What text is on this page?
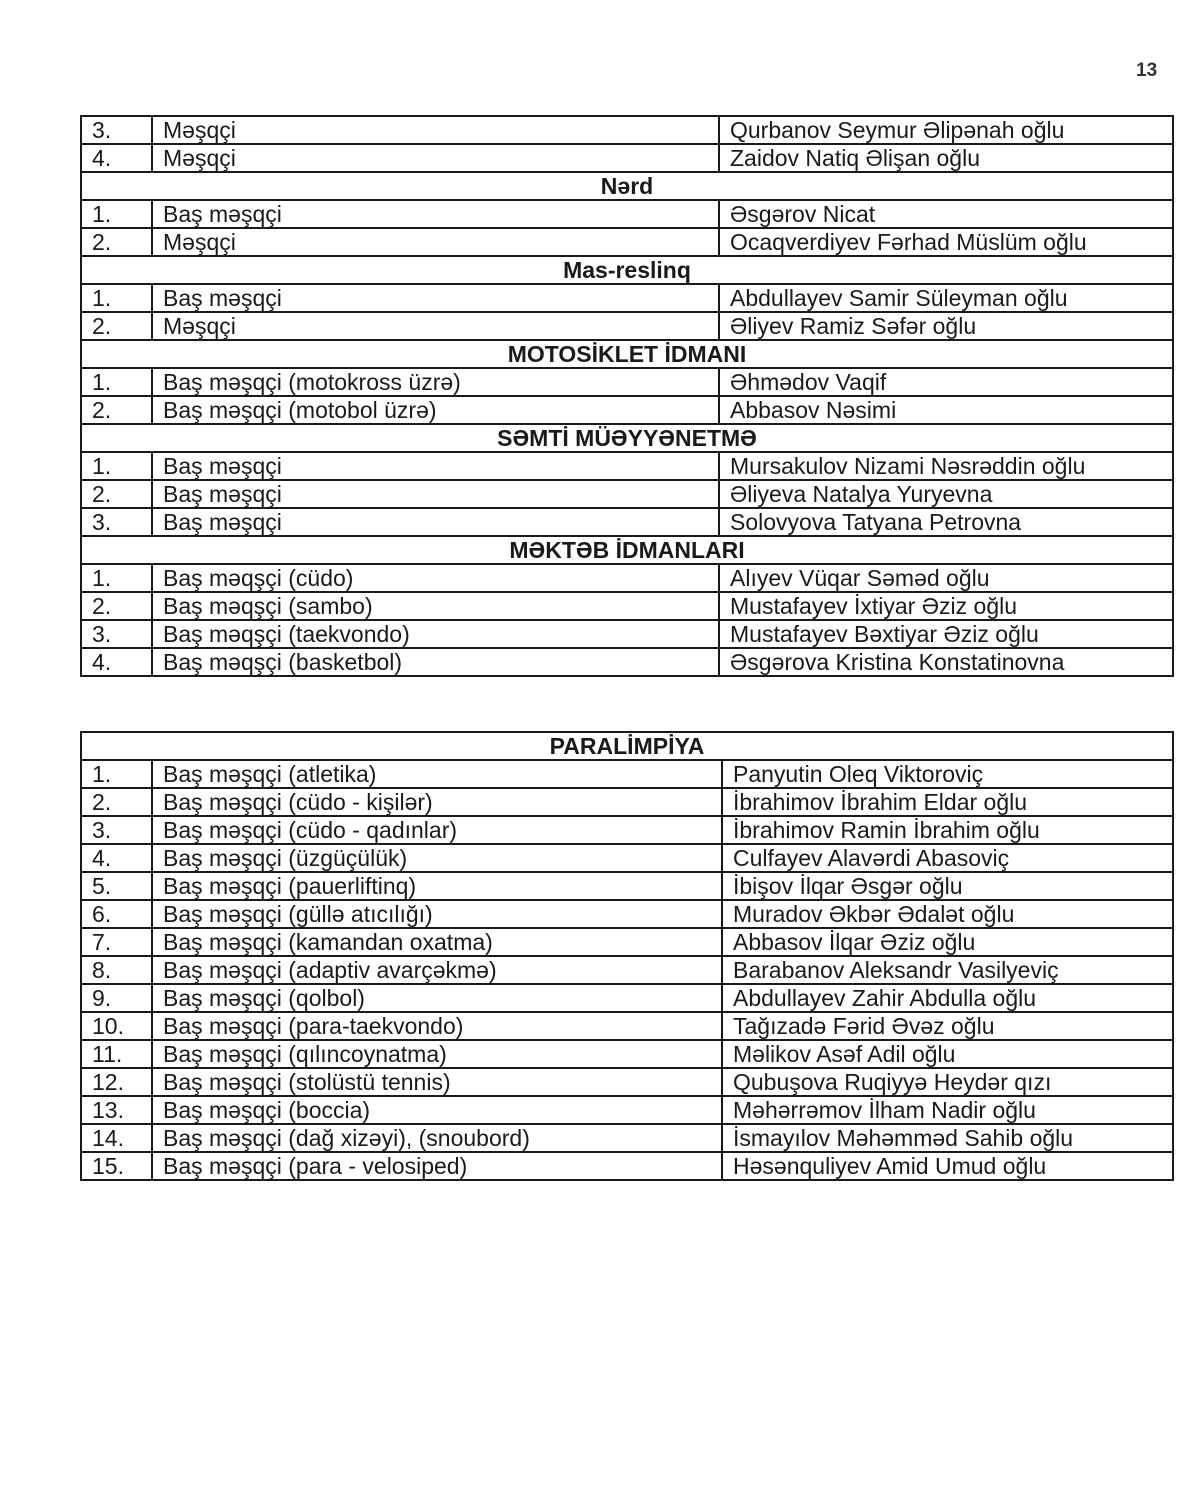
13
3.	Məşqçi	Qurbanov Seymur Əlipənah oğlu
4.	Məşqçi	Zaidov Natiq Əlişan oğlu
Nərd		
1.	Baş məşqçi	Əsgərov Nicat
2.	Məşqçi	Ocaqverdiyev Fərhad Müslüm oğlu
Mas-reslinq		
1.	Baş məşqçi	Abdullayev Samir Süleyman oğlu
2.	Məşqçi	Əliyev Ramiz Səfər oğlu
MOTOSİKLET İDMANI		
1.	Baş məşqçi (motokross üzrə)	Əhmədov Vaqif
2.	Baş məşqçi (motobol üzrə)	Abbasov Nəsimi
SƏMTİ MÜƏYYƏNETMƏ		
1.	Baş məşqçi	Mursakulov Nizami Nəsrəddin oğlu
2.	Baş məşqçi	Əliyeva Natalya Yuryevna
3.	Baş məşqçi	Solovyova Tatyana Petrovna
MƏKTƏB İDMANLARI		
1.	Baş məqşçi (cüdo)	Alıyev Vüqar Səməd oğlu
2.	Baş məqşçi (sambo)	Mustafayev İxtiyar Əziz oğlu
3.	Baş məqşçi (taekvondo)	Mustafayev Bəxtiyar Əziz oğlu
4.	Baş məqşçi (basketbol)	Əsgərova Kristina Konstatinovna
PARALİMPİYA		
1.	Baş məşqçi (atletika)	Panyutin Oleq Viktoroviç
2.	Baş məşqçi (cüdo - kişilər)	İbrahimov İbrahim Eldar oğlu
3.	Baş məşqçi (cüdo - qadınlar)	İbrahimov Ramin İbrahim oğlu
4.	Baş məşqçi (üzgüçülük)	Culfayev Alavərdi Abasoviç
5.	Baş məşqçi (pauerliftinq)	İbişov İlqar Əsgər oğlu
6.	Baş məşqçi (güllə atıcılığı)	Muradov Əkbər Ədalət oğlu
7.	Baş məşqçi (kamandan oxatma)	Abbasov İlqar Əziz oğlu
8.	Baş məşqçi (adaptiv avarçəkmə)	Barabanov Aleksandr Vasilyeviç
9.	Baş məşqçi (qolbol)	Abdullayev Zahir Abdulla oğlu
10.	Baş məşqçi (para-taekvondo)	Tağızadə Fərid Əvəz oğlu
11.	Baş məşqçi (qılıncoynatma)	Məlikov Asəf Adil oğlu
12.	Baş məşqçi (stolüstü tennis)	Qubuşova Ruqiyyə Heydər qızı
13.	Baş məşqçi (boccia)	Məhərrəmov İlham Nadir oğlu
14.	Baş məşqçi (dağ xizəyi), (snoubord)	İsmayılov Məhəmməd Sahib oğlu
15.	Baş məşqçi (para - velosiped)	Həsənquliyev Amid Umud oğlu
